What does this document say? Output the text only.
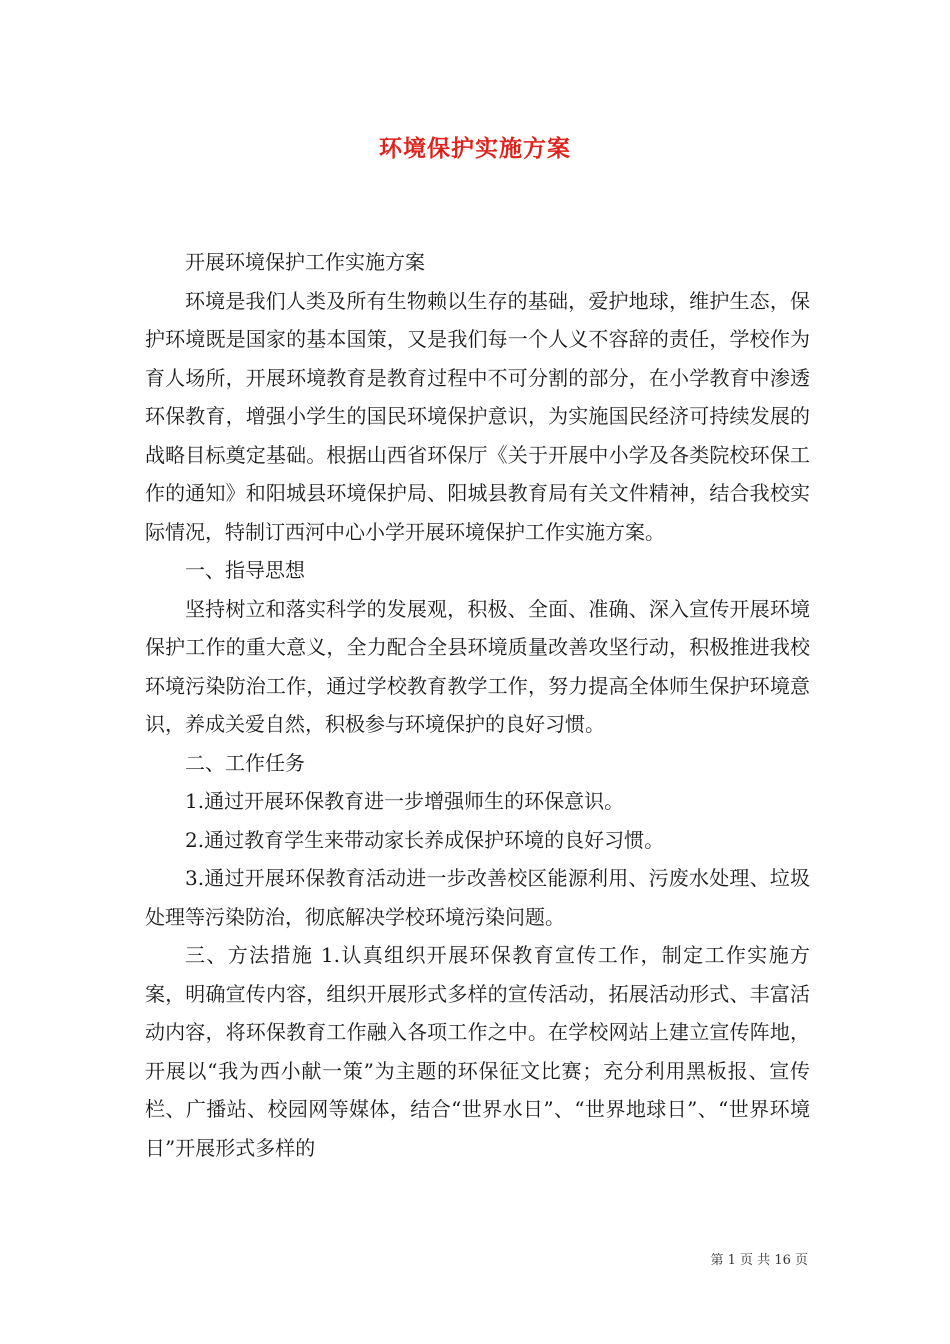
环境保护实施方案

开展环境保护工作实施方案

环境是我们人类及所有生物赖以生存的基础，爱护地球，维护生态，保护环境既是国家的基本国策，又是我们每一个人义不容辞的责任，学校作为育人场所，开展环境教育是教育过程中不可分割的部分，在小学教育中渗透环保教育，增强小学生的国民环境保护意识，为实施国民经济可持续发展的战略目标奠定基础。根据山西省环保厅《关于开展中小学及各类院校环保工作的通知》和阳城县环境保护局、阳城县教育局有关文件精神，结合我校实际情况，特制订西河中心小学开展环境保护工作实施方案。

一、指导思想

坚持树立和落实科学的发展观，积极、全面、准确、深入宣传开展环境保护工作的重大意义，全力配合全县环境质量改善攻坚行动，积极推进我校环境污染防治工作，通过学校教育教学工作，努力提高全体师生保护环境意识，养成关爱自然，积极参与环境保护的良好习惯。

二、工作任务

1.通过开展环保教育进一步增强师生的环保意识。

2.通过教育学生来带动家长养成保护环境的良好习惯。

3.通过开展环保教育活动进一步改善校区能源利用、污废水处理、垃圾处理等污染防治，彻底解决学校环境污染问题。

三、方法措施 1.认真组织开展环保教育宣传工作，制定工作实施方案，明确宣传内容，组织开展形式多样的宣传活动，拓展活动形式、丰富活动内容，将环保教育工作融入各项工作之中。在学校网站上建立宣传阵地，开展以“我为西小献一策”为主题的环保征文比赛；充分利用黑板报、宣传栏、广播站、校园网等媒体，结合“世界水日”、“世界地球日”、“世界环境日”开展形式多样的

第 1 页 共 16 页
